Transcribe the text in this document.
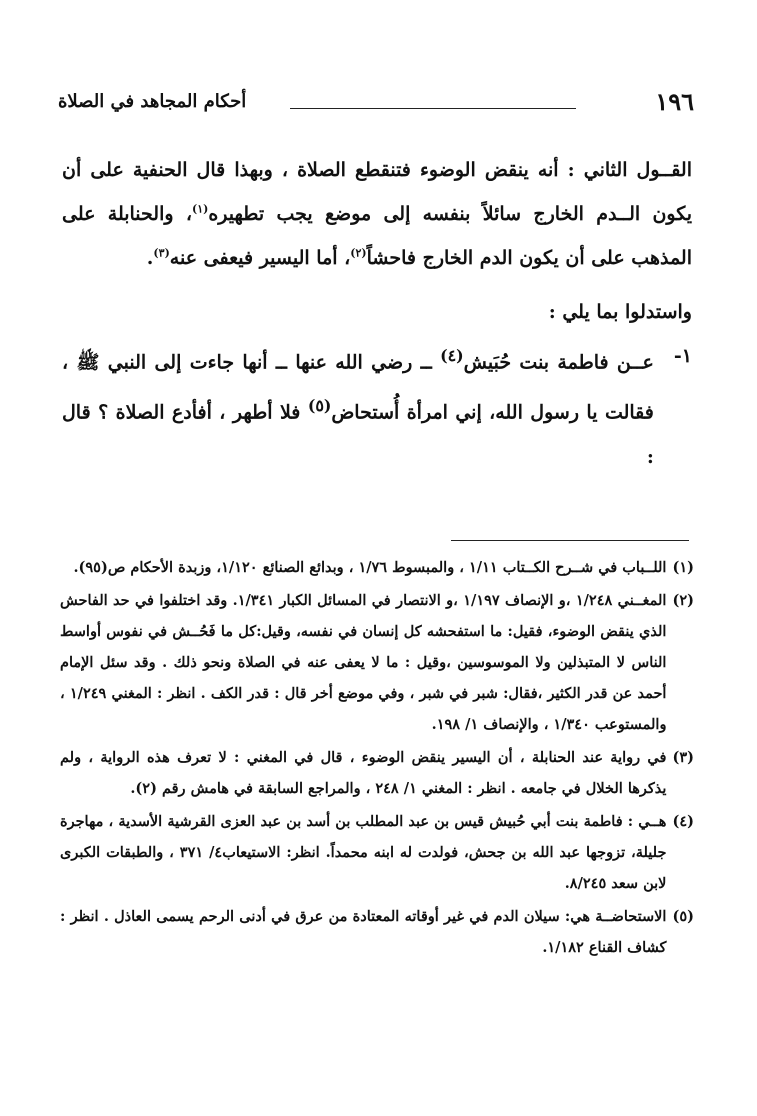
١٩٦
أحكام المجاهد في الصلاة

القــول الثاني : أنه ينقض الوضوء فتنقطع الصلاة ، وبهذا قال الحنفية على أن يكون الــدم الخارج سائلاً بنفسه إلى موضع يجب تطهيره$^{(١)}$، والحنابلة على المذهب على أن يكون الدم الخارج فاحشاً$^{(٢)}$، أما اليسير فيعفى عنه$^{(٣)}$.

واستدلوا بما يلي :

١-
عــن فاطمة بنت حُبَيش$^{(٤)}$ ــ رضي الله عنها ــ أنها جاءت إلى النبي ﷺ ، فقالت يا رسول الله، إني امرأة أُستحاض$^{(٥)}$ فلا أطهر ، أفأدع الصلاة ؟ قال :
(١)
اللــباب في شــرح الكــتاب ١/١١ ، والمبسوط ١/٧٦ ، وبدائع الصنائع ١/١٢٠، وزبدة الأحكام ص(٩٥).
(٢)
المغــني ١/٢٤٨ ،و الإنصاف ١/١٩٧ ،و الانتصار في المسائل الكبار ١/٣٤١. وقد اختلفوا في حد الفاحش الذي ينقض الوضوء، فقيل: ما استفحشه كل إنسان في نفسه، وقيل:كل ما فَحُــش في نفوس أواسط الناس لا المتبذلين ولا الموسوسين ،وقيل : ما لا يعفى عنه في الصلاة ونحو ذلك . وقد سئل الإمام أحمد عن قدر الكثير ،فقال: شبر في شبر ، وفي موضع أخر قال : قدر الكف . انظر : المغني ١/٢٤٩ ، والمستوعب ١/٣٤٠ ، والإنصاف ١/ ١٩٨.
(٣)
في رواية عند الحنابلة ، أن اليسير ينقض الوضوء ، قال في المغني : لا تعرف هذه الرواية ، ولم يذكرها الخلال في جامعه . انظر : المغني ١/ ٢٤٨ ، والمراجع السابقة في هامش رقم (٢).
(٤)
هــي : فاطمة بنت أبي حُبيش قيس بن عبد المطلب بن أسد بن عبد العزى القرشية الأسدية ، مهاجرة جليلة، تزوجها عبد الله بن جحش، فولدت له ابنه محمداً. انظر: الاستيعاب٤/ ٣٧١ ، والطبقات الكبرى لابن سعد ٨/٢٤٥.
(٥)
الاستحاضــة هي: سيلان الدم في غير أوقاته المعتادة من عرق في أدنى الرحم يسمى العاذل . انظر : كشاف القناع ١/١٨٢.
